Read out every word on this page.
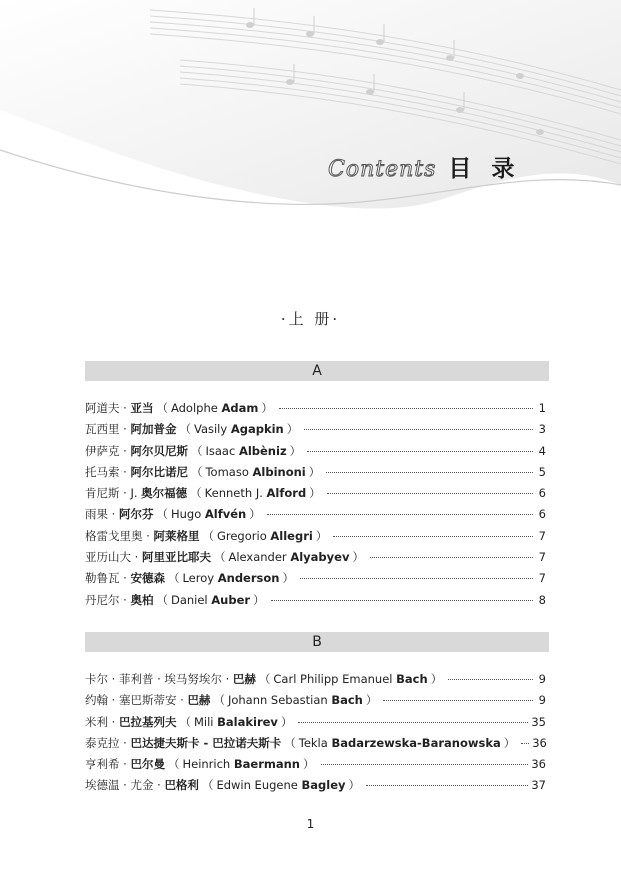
Contents 目 录
·上 册·
A
阿道夫 · 亚当 （ Adolphe Adam ）	1
瓦西里 · 阿加普金 （ Vasily Agapkin ）	3
伊萨克 · 阿尔贝尼斯 （ Isaac Albèniz ）	4
托马索 · 阿尔比诺尼 （ Tomaso Albinoni ）	5
肯尼斯 · J. 奥尔福德 （ Kenneth J. Alford ）	6
雨果 · 阿尔芬 （ Hugo Alfvén ）	6
格雷戈里奥 · 阿莱格里 （ Gregorio Allegri ）	7
亚历山大 · 阿里亚比耶夫 （ Alexander Alyabyev ）	7
勒鲁瓦 · 安德森 （ Leroy Anderson ）	7
丹尼尔 · 奥柏 （ Daniel Auber ）	8
B
卡尔 · 菲利普 · 埃马努埃尔 · 巴赫 （ Carl Philipp Emanuel Bach ）	9
约翰 · 塞巴斯蒂安 · 巴赫 （ Johann Sebastian Bach ）	9
米利 · 巴拉基列夫 （ Mili Balakirev ）	35
泰克拉 · 巴达捷夫斯卡 - 巴拉诺夫斯卡 （ Tekla Badarzewska-Baranowska ） 36
亨利希 · 巴尔曼 （ Heinrich Baermann ）	36
埃德温 · 尤金 · 巴格利 （ Edwin Eugene Bagley ）	37
1
